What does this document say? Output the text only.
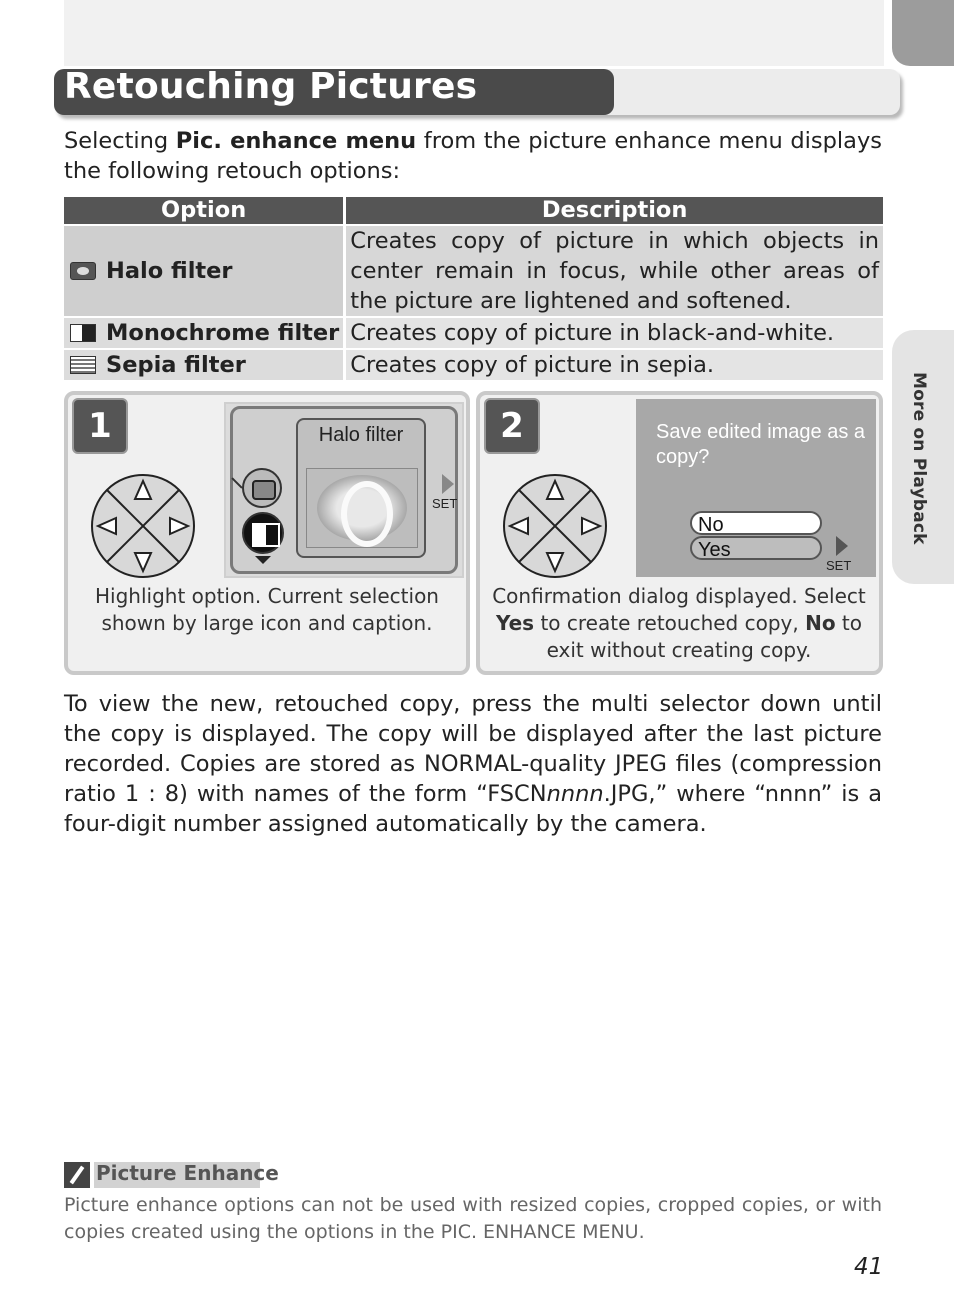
More on Playback
Retouching Pictures

Selecting Pic. enhance menu from the picture enhance menu displays the following retouch options:

Option	Description
Halo filter	Creates copy of picture in which objects in center remain in focus, while other areas of the picture are lightened and softened.
Monochrome filter	Creates copy of picture in black-and-white.
Sepia filter	Creates copy of picture in sepia.
1	Halo filter
SET

Highlight option. Current selection shown by large icon and caption.

2	Save edited image as a copy?
No
Yes
SET

Confirmation dialog displayed. Select Yes to create retouched copy, No to exit without creating copy.

To view the new, retouched copy, press the multi selector down until the copy is displayed. The copy will be displayed after the last picture recorded. Copies are stored as NORMAL-quality JPEG files (compression ratio 1 : 8) with names of the form “FSCNnnnn.JPG,” where “nnnn” is a four-digit number assigned automatically by the camera.

Picture Enhance

Picture enhance options can not be used with resized copies, cropped copies, or with copies created using the options in the PIC. ENHANCE MENU.

41
